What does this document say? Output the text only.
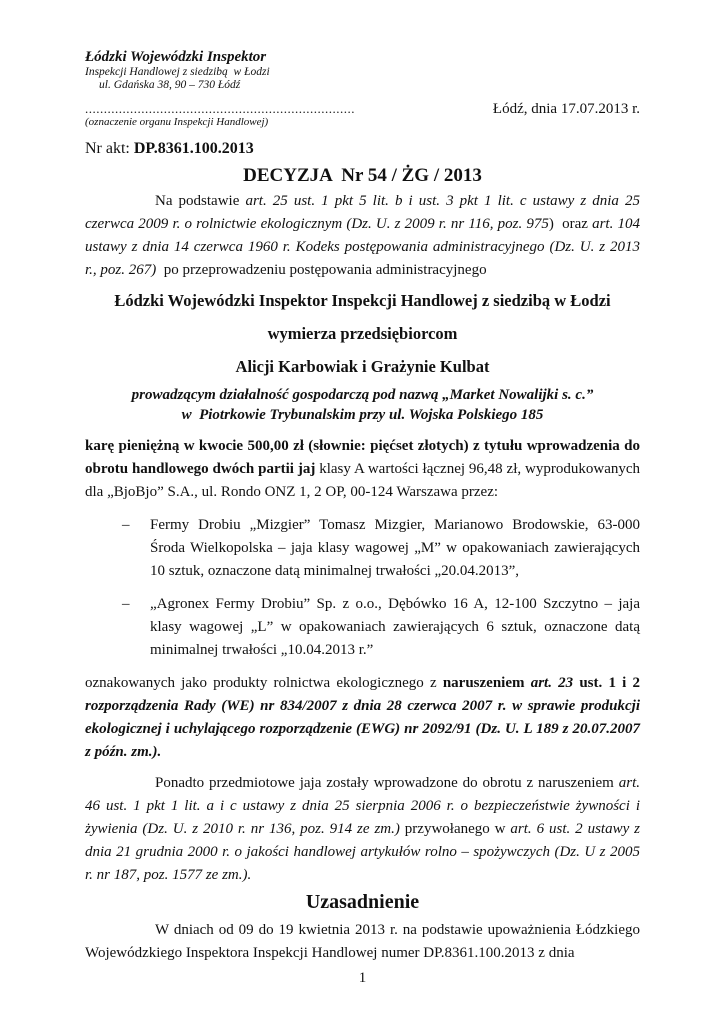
Łódzki Wojewódzki Inspektor
Inspekcji Handlowej z siedzibą  w Łodzi
ul. Gdańska 38, 90 – 730 Łódź
........................................................................
(oznaczenie organu Inspekcji Handlowej)
Łódź, dnia 17.07.2013 r.
Nr akt: DP.8361.100.2013
DECYZJA  Nr 54 / ŻG / 2013

Na podstawie art. 25 ust. 1 pkt 5 lit. b i ust. 3 pkt 1 lit. c ustawy z dnia 25 czerwca 2009 r. o rolnictwie ekologicznym (Dz. U. z 2009 r. nr 116, poz. 975)  oraz art. 104 ustawy z dnia 14 czerwca 1960 r. Kodeks postępowania administracyjnego (Dz. U. z 2013 r., poz. 267)  po przeprowadzeniu postępowania administracyjnego

Łódzki Wojewódzki Inspektor Inspekcji Handlowej z siedzibą w Łodzi
wymierza przedsiębiorcom
Alicji Karbowiak i Grażynie Kulbat
prowadzącym działalność gospodarczą pod nazwą „Market Nowalijki s. c.”
w  Piotrkowie Trybunalskim przy ul. Wojska Polskiego 185

karę pieniężną w kwocie 500,00 zł (słownie: pięćset złotych) z tytułu wprowadzenia do obrotu handlowego dwóch partii jaj klasy A wartości łącznej 96,48 zł, wyprodukowanych dla „BjoBjo” S.A., ul. Rondo ONZ 1, 2 OP, 00-124 Warszawa przez:

–	Fermy Drobiu „Mizgier” Tomasz Mizgier, Marianowo Brodowskie, 63-000 Środa Wielkopolska – jaja klasy wagowej „M” w opakowaniach zawierających 10 sztuk, oznaczone datą minimalnej trwałości „20.04.2013”,
–	„Agronex Fermy Drobiu” Sp. z o.o., Dębówko 16 A, 12-100 Szczytno – jaja klasy wagowej „L” w opakowaniach zawierających 6 sztuk, oznaczone datą minimalnej trwałości „10.04.2013 r.”

oznakowanych jako produkty rolnictwa ekologicznego z naruszeniem art. 23 ust. 1 i 2 rozporządzenia Rady (WE) nr 834/2007 z dnia 28 czerwca 2007 r. w sprawie produkcji ekologicznej i uchylającego rozporządzenie (EWG) nr 2092/91 (Dz. U. L 189 z 20.07.2007 z późn. zm.).

Ponadto przedmiotowe jaja zostały wprowadzone do obrotu z naruszeniem art. 46 ust. 1 pkt 1 lit. a i c ustawy z dnia 25 sierpnia 2006 r. o bezpieczeństwie żywności i żywienia (Dz. U. z 2010 r. nr 136, poz. 914 ze zm.) przywołanego w art. 6 ust. 2 ustawy z dnia 21 grudnia 2000 r. o jakości handlowej artykułów rolno – spożywczych (Dz. U z 2005 r. nr 187, poz. 1577 ze zm.).

Uzasadnienie

W dniach od 09 do 19 kwietnia 2013 r. na podstawie upoważnienia Łódzkiego Wojewódzkiego Inspektora Inspekcji Handlowej numer DP.8361.100.2013 z dnia

1
